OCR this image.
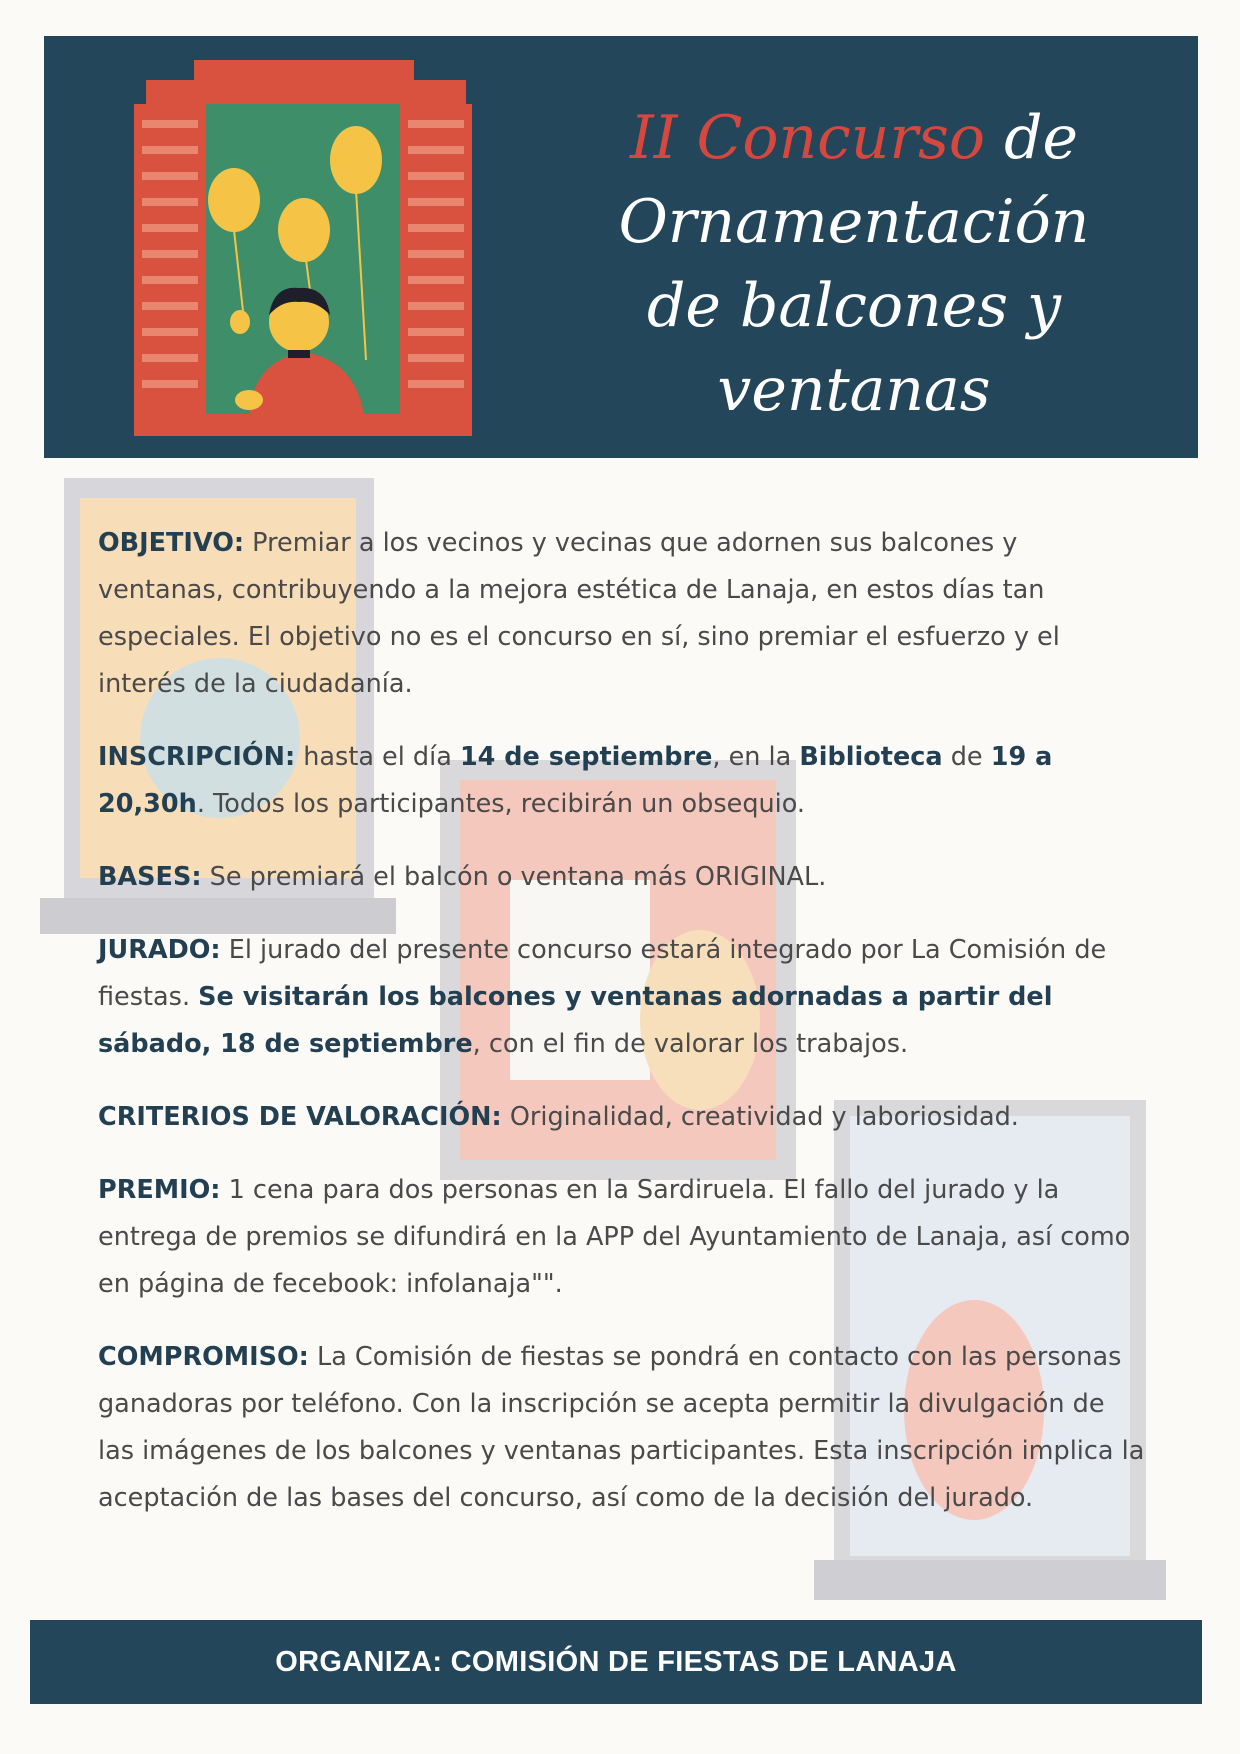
II Concurso de
Ornamentación
de balcones y ventanas

OBJETIVO: Premiar a los vecinos y vecinas que adornen sus balcones y ventanas, contribuyendo a la mejora estética de Lanaja, en estos días tan especiales. El objetivo no es el concurso en sí, sino premiar el esfuerzo y el interés de la ciudadanía.

INSCRIPCIÓN: hasta el día 14 de septiembre, en la Biblioteca de 19 a 20,30h. Todos los participantes, recibirán un obsequio.

BASES: Se premiará el balcón o ventana más ORIGINAL.

JURADO: El jurado del presente concurso estará integrado por La Comisión de fiestas. Se visitarán los balcones y ventanas adornadas a partir del sábado, 18 de septiembre, con el fin de valorar los trabajos.

CRITERIOS DE VALORACIÓN: Originalidad, creatividad y laboriosidad.

PREMIO: 1 cena para dos personas en la Sardiruela. El fallo del jurado y la entrega de premios se difundirá en la APP del Ayuntamiento de Lanaja, así como en página de fecebook: infolanaja"".

COMPROMISO: La Comisión de fiestas se pondrá en contacto con las personas ganadoras por teléfono. Con la inscripción se acepta permitir la divulgación de las imágenes de los balcones y ventanas participantes. Esta inscripción implica la aceptación de las bases del concurso, así como de la decisión del jurado.

ORGANIZA: COMISIÓN DE FIESTAS DE LANAJA
